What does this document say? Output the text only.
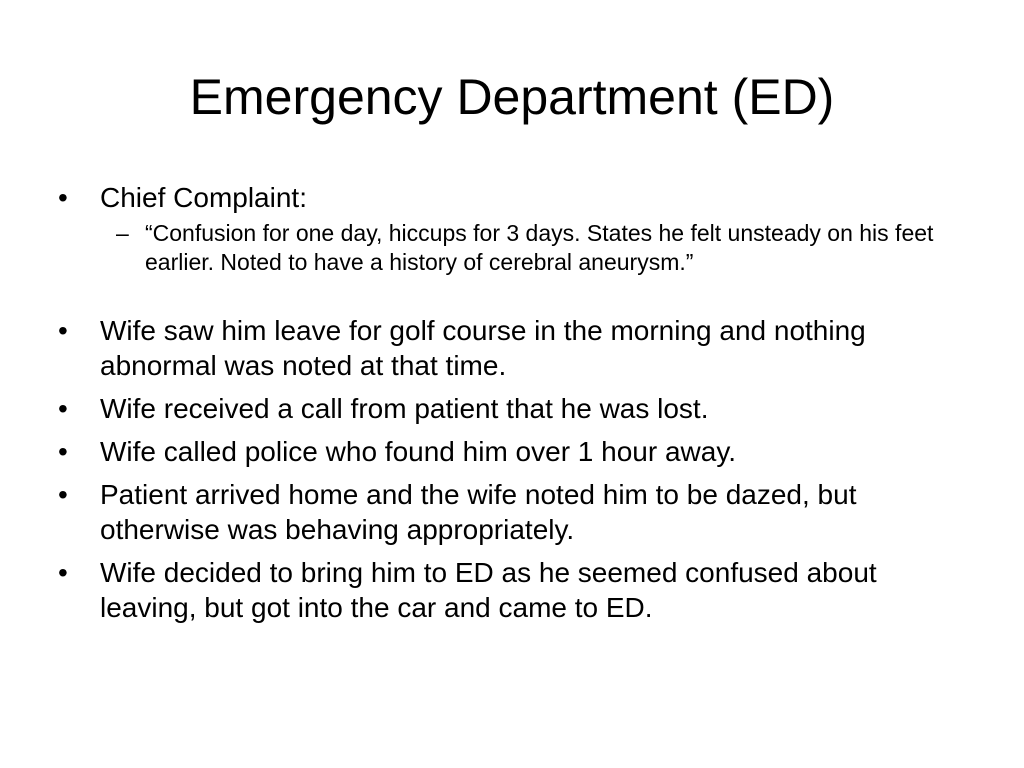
Emergency Department (ED)

•	Chief Complaint:

– “Confusion for one day, hiccups for 3 days. States he felt unsteady on his feet earlier. Noted to have a history of cerebral aneurysm.”

•	Wife saw him leave for golf course in the morning and nothing abnormal was noted at that time.

•	Wife received a call from patient that he was lost.

•	Wife called police who found him over 1 hour away.

•	Patient arrived home and the wife noted him to be dazed, but otherwise was behaving appropriately.

•	Wife decided to bring him to ED as he seemed confused about leaving, but got into the car and came to ED.
